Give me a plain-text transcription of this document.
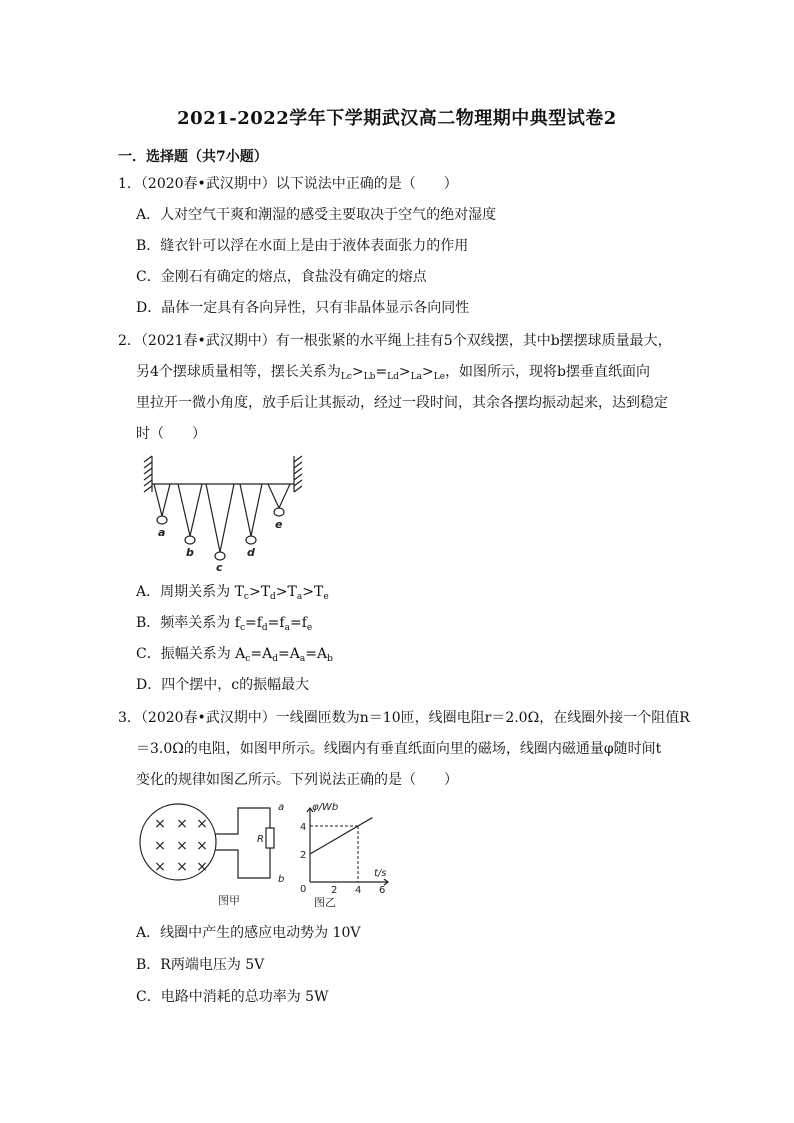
2021-2022学年下学期武汉高二物理期中典型试卷2
一．选择题（共7小题）
1．（2020春•武汉期中）以下说法中正确的是（　　）
A．人对空气干爽和潮湿的感受主要取决于空气的绝对湿度
B．缝衣针可以浮在水面上是由于液体表面张力的作用
C．金刚石有确定的熔点，食盐没有确定的熔点
D．晶体一定具有各向异性，只有非晶体显示各向同性
2．（2021春•武汉期中）有一根张紧的水平绳上挂有5个双线摆，其中b摆摆球质量最大，
另4个摆球质量相等，摆长关系为$_{Lc}>_{Lb}=_{Ld}>_{La}>_{Le}$，如图所示，现将b摆垂直纸面向
里拉开一微小角度，放手后让其振动，经过一段时间，其余各摆均振动起来，达到稳定
时（　　）
a
b
c
d
e
A．周期关系为 $T_c>T_d>T_a>T_e$
B．频率关系为 $f_c=f_d=f_a=f_e$
C．振幅关系为 $A_c=A_d=A_a=A_b$
D．四个摆中，c的振幅最大
3．（2020春•武汉期中）一线圈匝数为n＝10匝，线圈电阻r＝2.0Ω，在线圈外接一个阻值R
＝3.0Ω的电阻，如图甲所示。线圈内有垂直纸面向里的磁场，线圈内磁通量φ随时间t
变化的规律如图乙所示。下列说法正确的是（　　）
× × ×
× × ×
× × ×
a
R
b
图甲
2 4 6
2
4
φ/Wb
t/s
0
图乙
A．线圈中产生的感应电动势为 10V
B．R两端电压为 5V
C．电路中消耗的总功率为 5W
